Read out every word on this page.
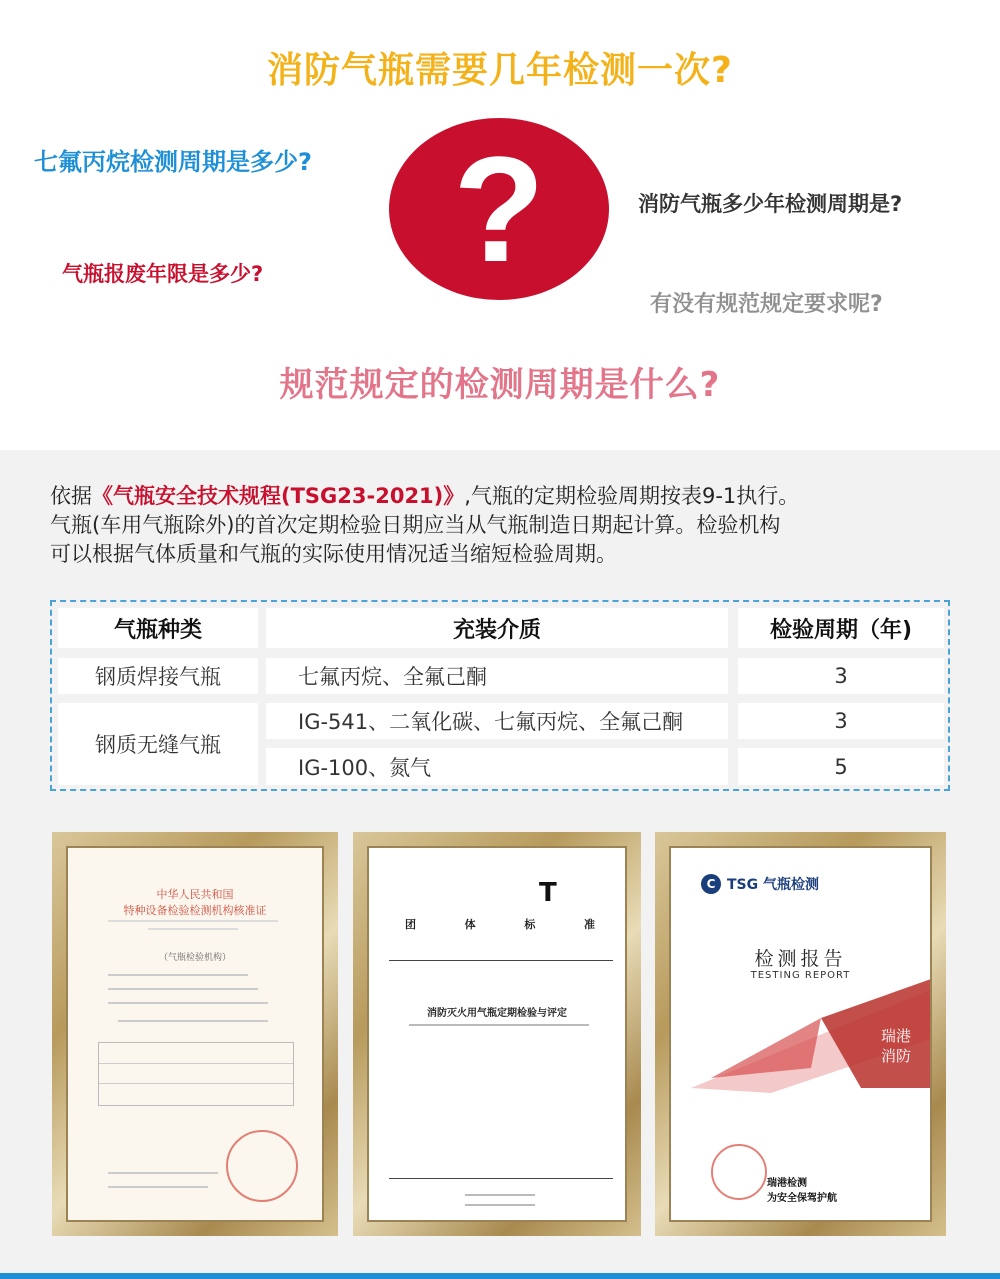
消防气瓶需要几年检测一次?
七氟丙烷检测周期是多少?
气瓶报废年限是多少?
消防气瓶多少年检测周期是?
有没有规范规定要求呢?
?
规范规定的检测周期是什么?
依据《气瓶安全技术规程(TSG23-2021)》,气瓶的定期检验周期按表9-1执行。
气瓶(车用气瓶除外)的首次定期检验日期应当从气瓶制造日期起计算。检验机构
可以根据气体质量和气瓶的实际使用情况适当缩短检验周期。
气瓶种类	充装介质	检验周期（年)
钢质焊接气瓶	七氟丙烷、全氟己酮	3
钢质无缝气瓶
IG-541、二氧化碳、七氟丙烷、全氟己酮	3
IG-100、氮气	5
中华人民共和国
特种设备检验检测机构核准证
（气瓶检验机构）
T
团	体	标	准
消防灭火用气瓶定期检验与评定
C TSG 气瓶检测
检测报告
TESTING REPORT
瑞港
消防
瑞港检测
为安全保驾护航
